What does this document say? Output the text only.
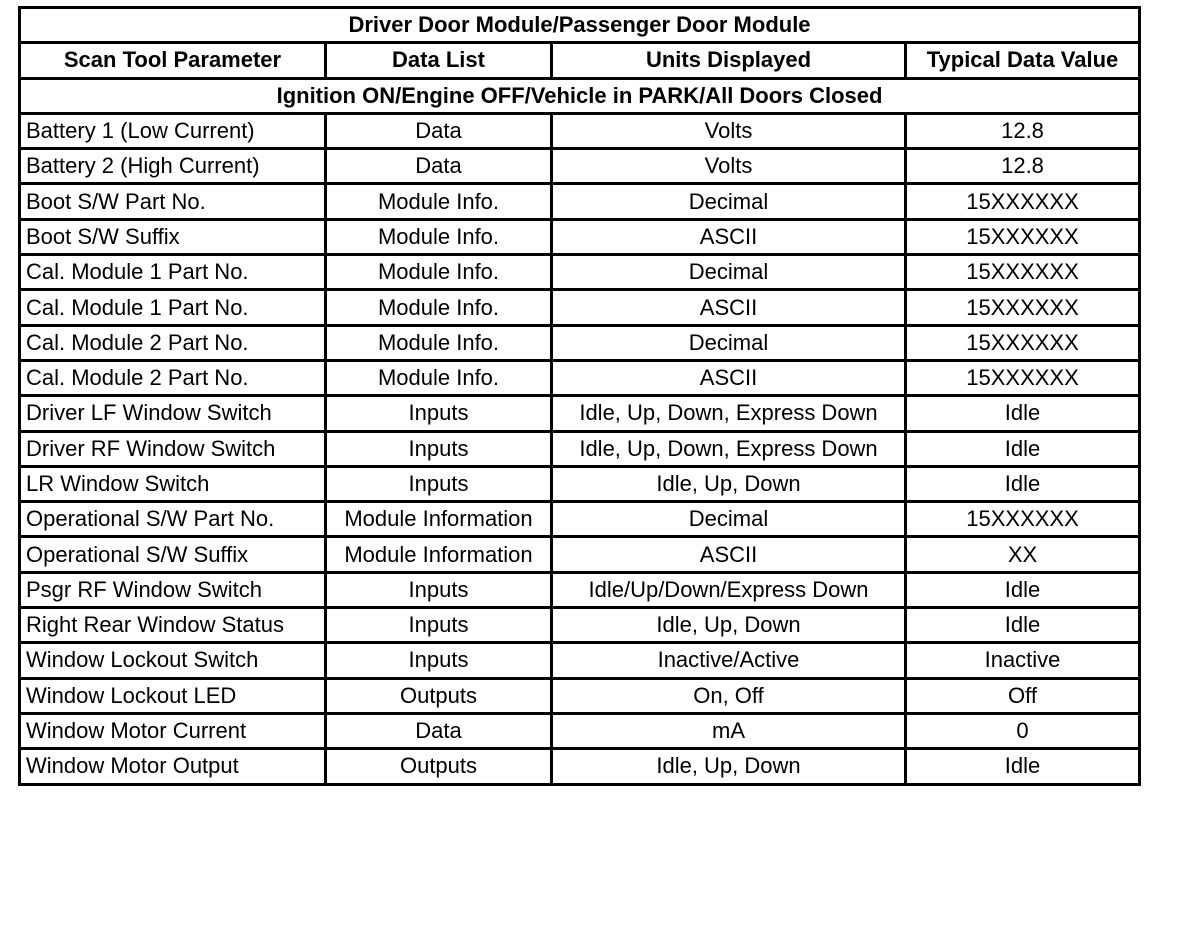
Driver Door Module/Passenger Door Module			
Scan Tool Parameter	Data List	Units Displayed	Typical Data Value
Ignition ON/Engine OFF/Vehicle in PARK/All Doors Closed			
Battery 1 (Low Current)	Data	Volts	12.8
Battery 2 (High Current)	Data	Volts	12.8
Boot S/W Part No.	Module Info.	Decimal	15XXXXXX
Boot S/W Suffix	Module Info.	ASCII	15XXXXXX
Cal. Module 1 Part No.	Module Info.	Decimal	15XXXXXX
Cal. Module 1 Part No.	Module Info.	ASCII	15XXXXXX
Cal. Module 2 Part No.	Module Info.	Decimal	15XXXXXX
Cal. Module 2 Part No.	Module Info.	ASCII	15XXXXXX
Driver LF Window Switch	Inputs	Idle, Up, Down, Express Down	Idle
Driver RF Window Switch	Inputs	Idle, Up, Down, Express Down	Idle
LR Window Switch	Inputs	Idle, Up, Down	Idle
Operational S/W Part No.	Module Information	Decimal	15XXXXXX
Operational S/W Suffix	Module Information	ASCII	XX
Psgr RF Window Switch	Inputs	Idle/Up/Down/Express Down	Idle
Right Rear Window Status	Inputs	Idle, Up, Down	Idle
Window Lockout Switch	Inputs	Inactive/Active	Inactive
Window Lockout LED	Outputs	On, Off	Off
Window Motor Current	Data	mA	0
Window Motor Output	Outputs	Idle, Up, Down	Idle
